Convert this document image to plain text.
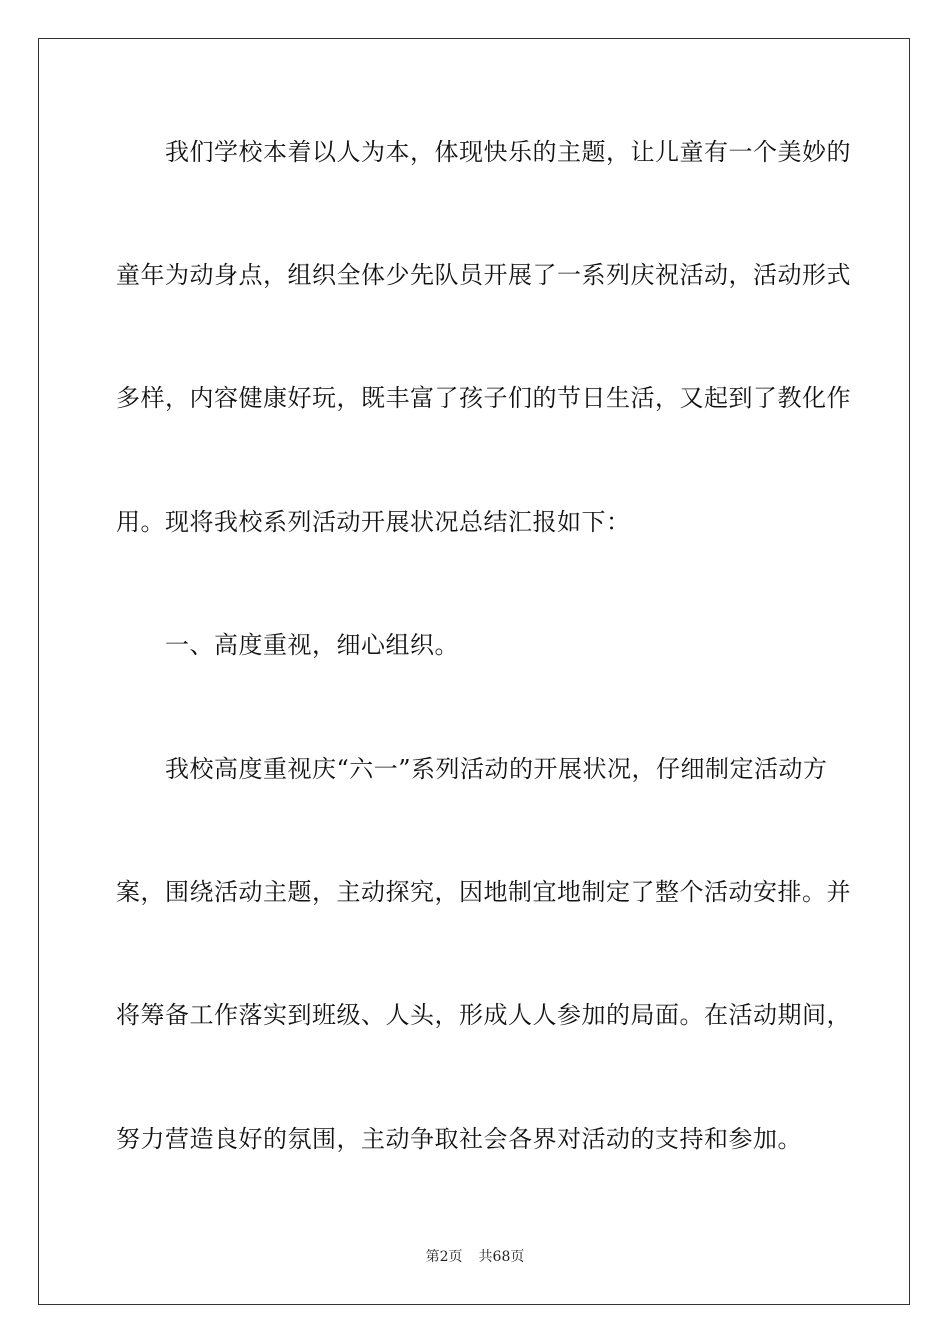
我们学校本着以人为本，体现快乐的主题，让儿童有一个美妙的
童年为动身点，组织全体少先队员开展了一系列庆祝活动，活动形式
多样，内容健康好玩，既丰富了孩子们的节日生活，又起到了教化作
用。现将我校系列活动开展状况总结汇报如下：
一、高度重视，细心组织。
我校高度重视庆“六一”系列活动的开展状况，仔细制定活动方
案，围绕活动主题，主动探究，因地制宜地制定了整个活动安排。并
将筹备工作落实到班级、人头，形成人人参加的局面。在活动期间，
努力营造良好的氛围，主动争取社会各界对活动的支持和参加。
第2页 共68页
